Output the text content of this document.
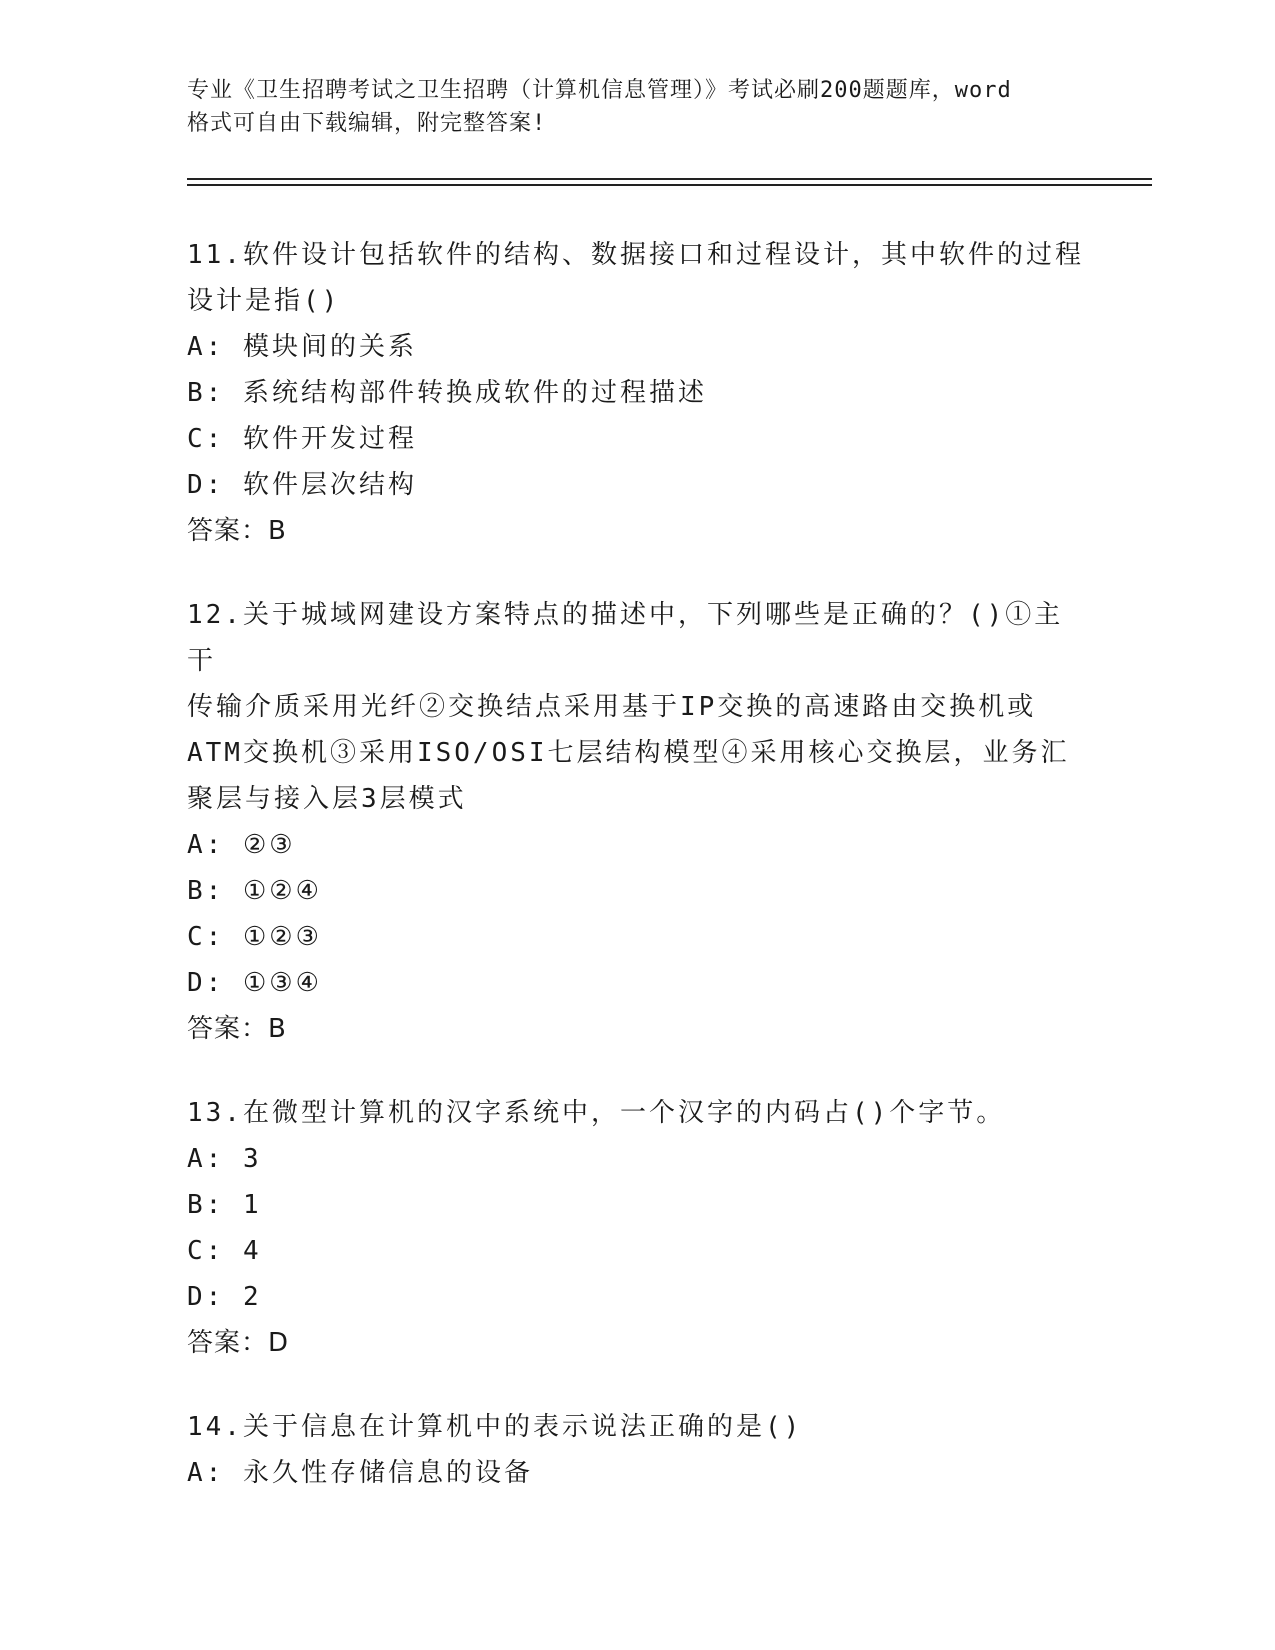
专业《卫生招聘考试之卫生招聘（计算机信息管理）》考试必刷200题题库，word
格式可自由下载编辑，附完整答案!

11.软件设计包括软件的结构、数据接口和过程设计，其中软件的过程

设计是指()

A:
模块间的关系

B:
系统结构部件转换成软件的过程描述

C:
软件开发过程

D:
软件层次结构

答案：B

12.关于城域网建设方案特点的描述中，下列哪些是正确的？()①主干

传输介质采用光纤②交换结点采用基于IP交换的高速路由交换机或

ATM交换机③采用ISO/OSI七层结构模型④采用核心交换层，业务汇

聚层与接入层3层模式

A:
②③

B:
①②④

C:
①②③

D:
①③④

答案：B

13.在微型计算机的汉字系统中，一个汉字的内码占()个字节。

A:
3

B:
1

C:
4

D:
2

答案：D

14.关于信息在计算机中的表示说法正确的是()

A:
永久性存储信息的设备
